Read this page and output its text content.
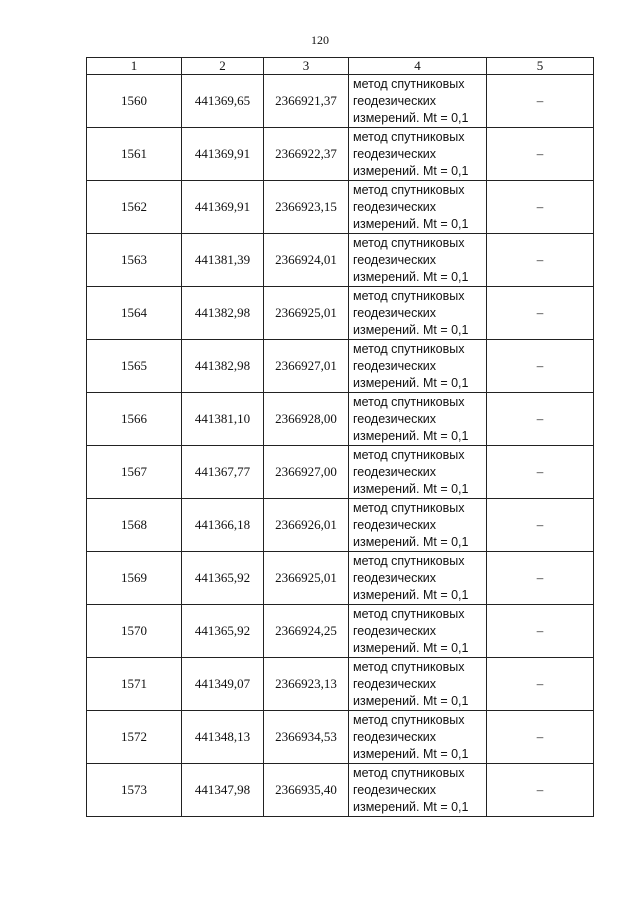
120
1	2	3	4	5
1560	441369,65	2366921,37	метод спутниковых
геодезических
измерений. Mt = 0,1	–
1561	441369,91	2366922,37	метод спутниковых
геодезических
измерений. Mt = 0,1	–
1562	441369,91	2366923,15	метод спутниковых
геодезических
измерений. Mt = 0,1	–
1563	441381,39	2366924,01	метод спутниковых
геодезических
измерений. Mt = 0,1	–
1564	441382,98	2366925,01	метод спутниковых
геодезических
измерений. Mt = 0,1	–
1565	441382,98	2366927,01	метод спутниковых
геодезических
измерений. Mt = 0,1	–
1566	441381,10	2366928,00	метод спутниковых
геодезических
измерений. Mt = 0,1	–
1567	441367,77	2366927,00	метод спутниковых
геодезических
измерений. Mt = 0,1	–
1568	441366,18	2366926,01	метод спутниковых
геодезических
измерений. Mt = 0,1	–
1569	441365,92	2366925,01	метод спутниковых
геодезических
измерений. Mt = 0,1	–
1570	441365,92	2366924,25	метод спутниковых
геодезических
измерений. Mt = 0,1	–
1571	441349,07	2366923,13	метод спутниковых
геодезических
измерений. Mt = 0,1	–
1572	441348,13	2366934,53	метод спутниковых
геодезических
измерений. Mt = 0,1	–
1573	441347,98	2366935,40	метод спутниковых
геодезических
измерений. Mt = 0,1	–
